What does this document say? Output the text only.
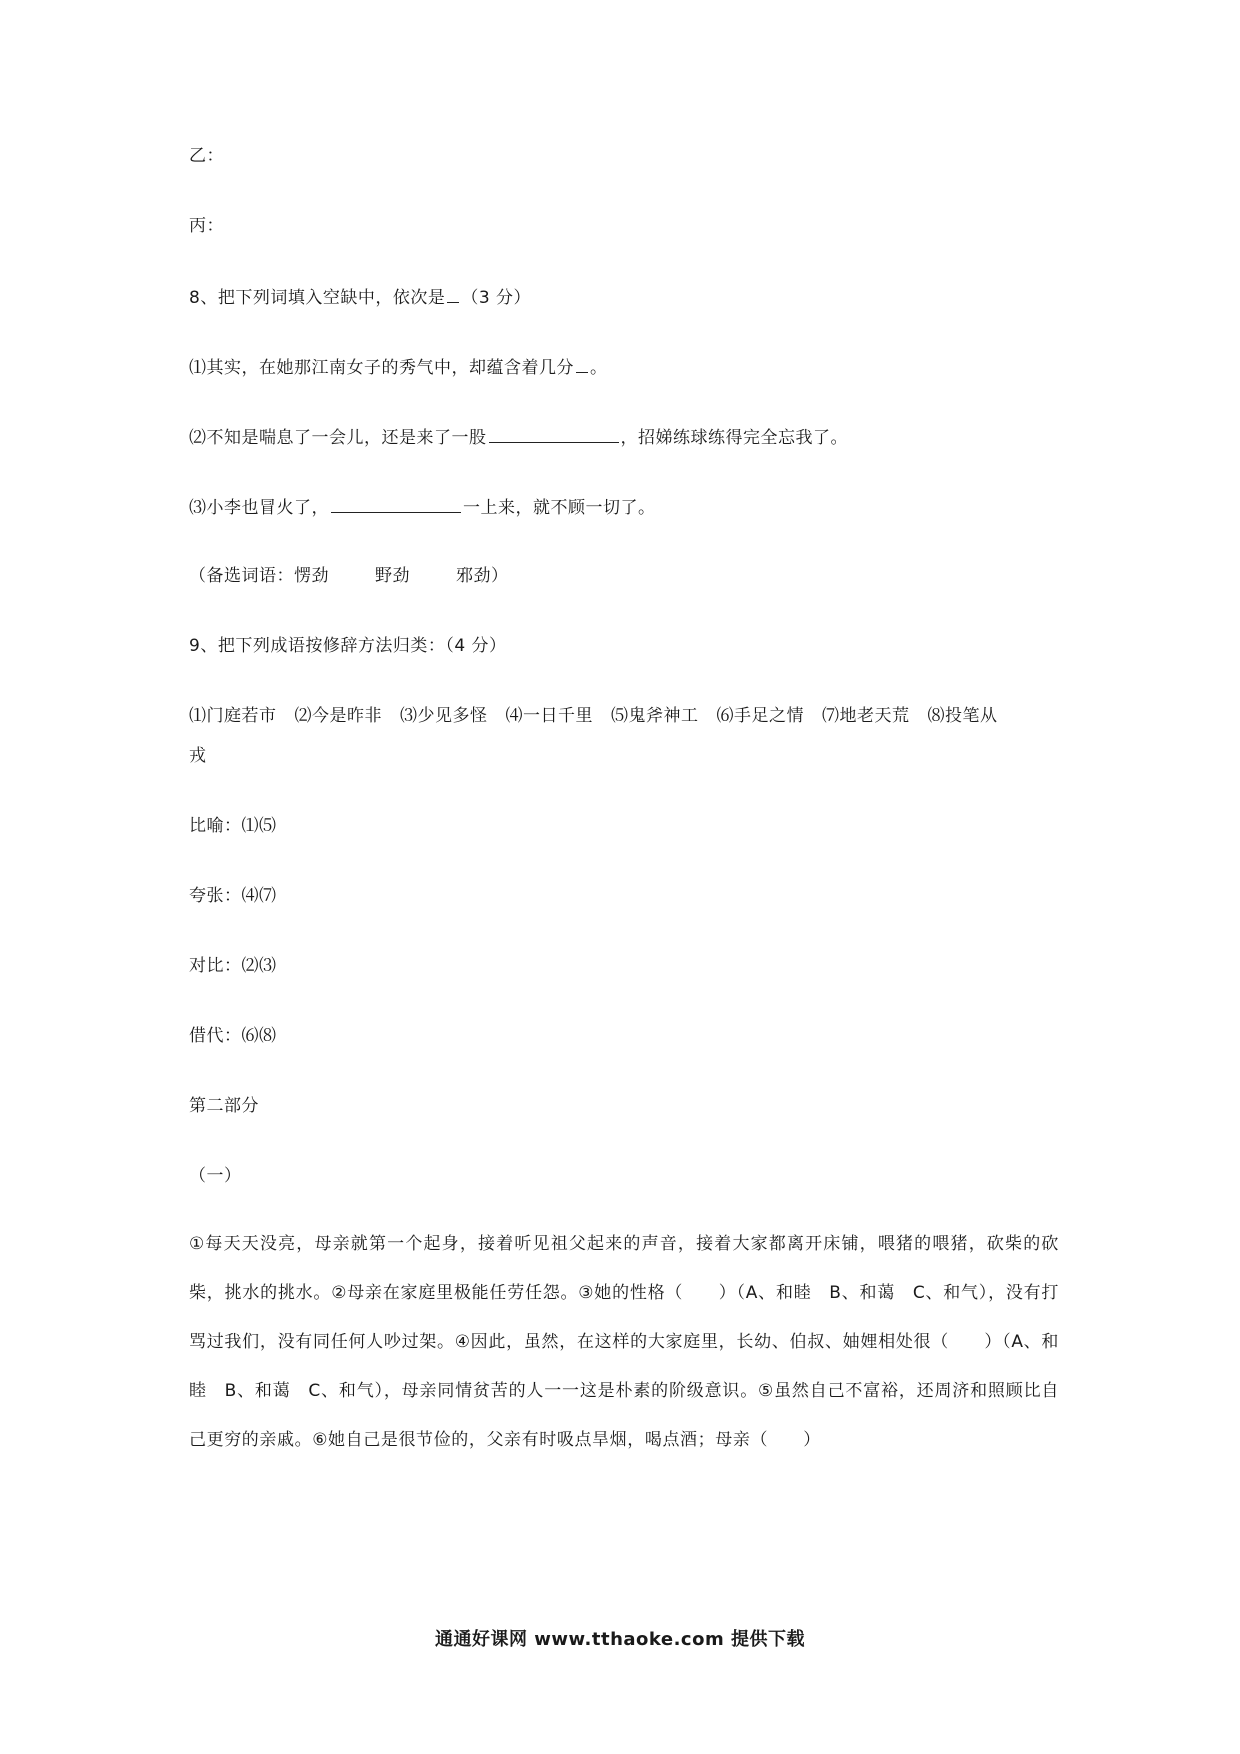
乙：
丙：
8、把下列词填入空缺中，依次是 （3 分）
⑴其实，在她那江南女子的秀气中，却蕴含着几分 。
⑵不知是喘息了一会儿，还是来了一股	，招娣练球练得完全忘我了。
⑶小李也冒火了，	一上来，就不顾一切了。
（备选词语：愣劲	野劲	邪劲）
9、把下列成语按修辞方法归类：（4 分）
⑴门庭若市 ⑵今是昨非 ⑶少见多怪 ⑷一日千里 ⑸鬼斧神工 ⑹手足之情 ⑺地老天荒 ⑻投笔从
戎
比喻：⑴⑸
夸张：⑷⑺
对比：⑵⑶
借代：⑹⑻
第二部分
（一）
①每天天没亮，母亲就第一个起身，接着听见祖父起来的声音，接着大家都离开床铺，喂猪的喂猪，砍柴的砍柴，挑水的挑水。②母亲在家庭里极能任劳任怨。③她的性格（　　）（A、和睦　B、和蔼　C、和气），没有打骂过我们，没有同任何人吵过架。④因此，虽然，在这样的大家庭里，长幼、伯叔、妯娌相处很（　　）（A、和睦　B、和蔼　C、和气），母亲同情贫苦的人一一这是朴素的阶级意识。⑤虽然自己不富裕，还周济和照顾比自己更穷的亲戚。⑥她自己是很节俭的，父亲有时吸点旱烟，喝点酒；母亲（　　）
通通好课网 www.tthaoke.com 提供下载
